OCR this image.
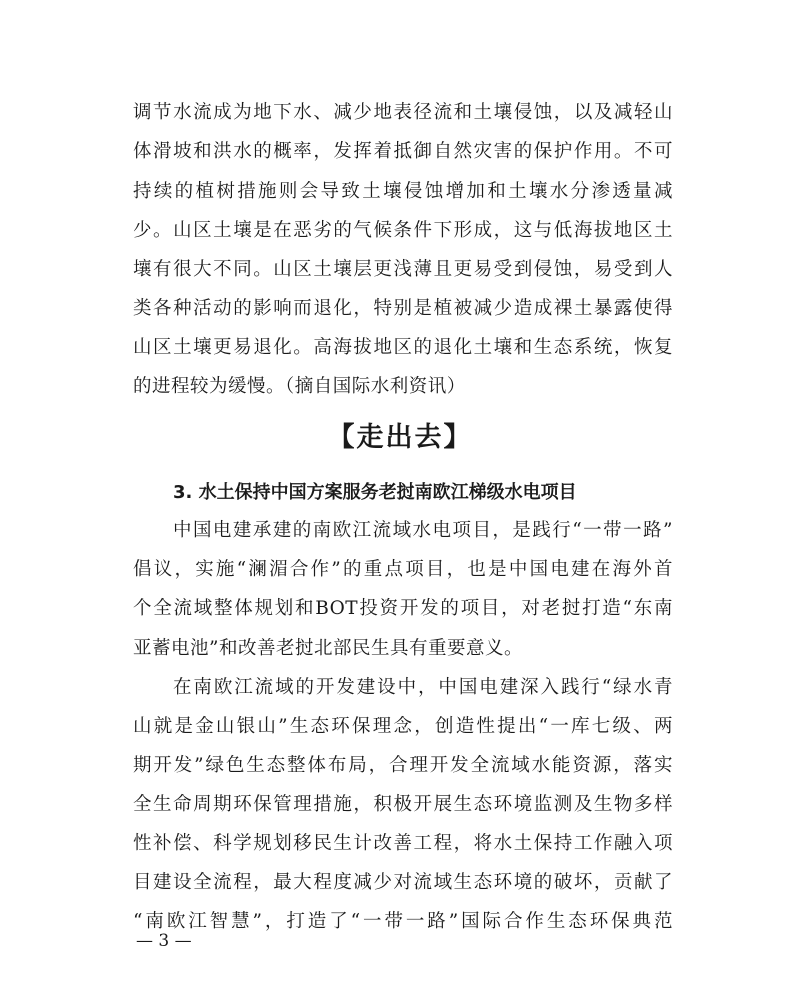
调节水流成为地下水、减少地表径流和土壤侵蚀，以及减轻山
体滑坡和洪水的概率，发挥着抵御自然灾害的保护作用。不可
持续的植树措施则会导致土壤侵蚀增加和土壤水分渗透量减
少。山区土壤是在恶劣的气候条件下形成，这与低海拔地区土
壤有很大不同。山区土壤层更浅薄且更易受到侵蚀，易受到人
类各种活动的影响而退化，特别是植被减少造成裸土暴露使得
山区土壤更易退化。高海拔地区的退化土壤和生态系统，恢复
的进程较为缓慢。（摘自国际水利资讯）
【走出去】
3. 水土保持中国方案服务老挝南欧江梯级水电项目
中国电建承建的南欧江流域水电项目，是践行“一带一路”
倡议，实施“澜湄合作”的重点项目，也是中国电建在海外首
个全流域整体规划和BOT投资开发的项目，对老挝打造“东南
亚蓄电池”和改善老挝北部民生具有重要意义。
在南欧江流域的开发建设中，中国电建深入践行“绿水青
山就是金山银山”生态环保理念，创造性提出“一库七级、两
期开发”绿色生态整体布局，合理开发全流域水能资源，落实
全生命周期环保管理措施，积极开展生态环境监测及生物多样
性补偿、科学规划移民生计改善工程，将水土保持工作融入项
目建设全流程，最大程度减少对流域生态环境的破坏，贡献了
“南欧江智慧”，打造了“一带一路”国际合作生态环保典范
— 3 —
